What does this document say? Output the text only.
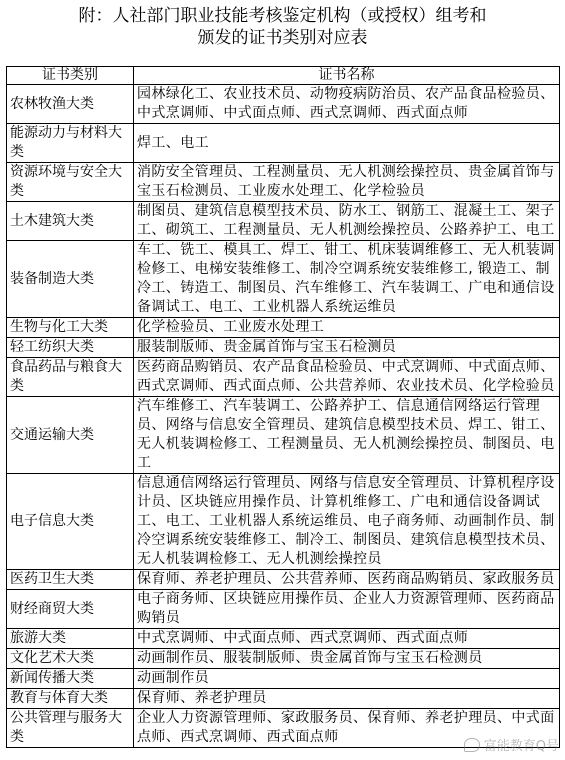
附：人社部门职业技能考核鉴定机构（或授权）组考和
颁发的证书类别对应表
证书类别	证书名称
农林牧渔大类	园林绿化工、农业技术员、动物疫病防治员、农产品食品检验员、中式烹调师、中式面点师、西式烹调师、西式面点师
能源动力与材料大类	焊工、电工
资源环境与安全大类	消防安全管理员、工程测量员、无人机测绘操控员、贵金属首饰与宝玉石检测员、工业废水处理工、化学检验员
土木建筑大类	制图员、建筑信息模型技术员、防水工、钢筋工、混凝土工、架子工、砌筑工、工程测量员、无人机测绘操控员、公路养护工、电工
装备制造大类	车工、铣工、模具工、焊工、钳工、机床装调维修工、无人机装调检修工、电梯安装维修工、制冷空调系统安装维修工, 锻造工、制冷工、铸造工、制图员、汽车维修工、汽车装调工、广电和通信设备调试工、电工、工业机器人系统运维员
生物与化工大类	化学检验员、工业废水处理工
轻工纺织大类	服装制版师、贵金属首饰与宝玉石检测员
食品药品与粮食大类	医药商品购销员、农产品食品检验员、中式烹调师、中式面点师、西式烹调师、西式面点师、公共营养师、农业技术员、化学检验员
交通运输大类	汽车维修工、汽车装调工、公路养护工、信息通信网络运行管理员、网络与信息安全管理员、建筑信息模型技术员、焊工、钳工、无人机装调检修工、工程测量员、无人机测绘操控员、制图员、电工
电子信息大类	信息通信网络运行管理员、网络与信息安全管理员、计算机程序设计员、区块链应用操作员、计算机维修工、广电和通信设备调试工、电工、工业机器人系统运维员、电子商务师、动画制作员、制冷空调系统安装维修工、制冷工、制图员、建筑信息模型技术员、无人机装调检修工、无人机测绘操控员
医药卫生大类	保育师、养老护理员、公共营养师、医药商品购销员、家政服务员
财经商贸大类	电子商务师、区块链应用操作员、企业人力资源管理师、医药商品购销员
旅游大类	中式烹调师、中式面点师、西式烹调师、西式面点师
文化艺术大类	动画制作员、服装制版师、贵金属首饰与宝玉石检测员
新闻传播大类	动画制作员
教育与体育大类	保育师、养老护理员
公共管理与服务大类	企业人力资源管理师、家政服务员、保育师、养老护理员、中式面点师、西式烹调师、西式面点师
富能教育Q号
